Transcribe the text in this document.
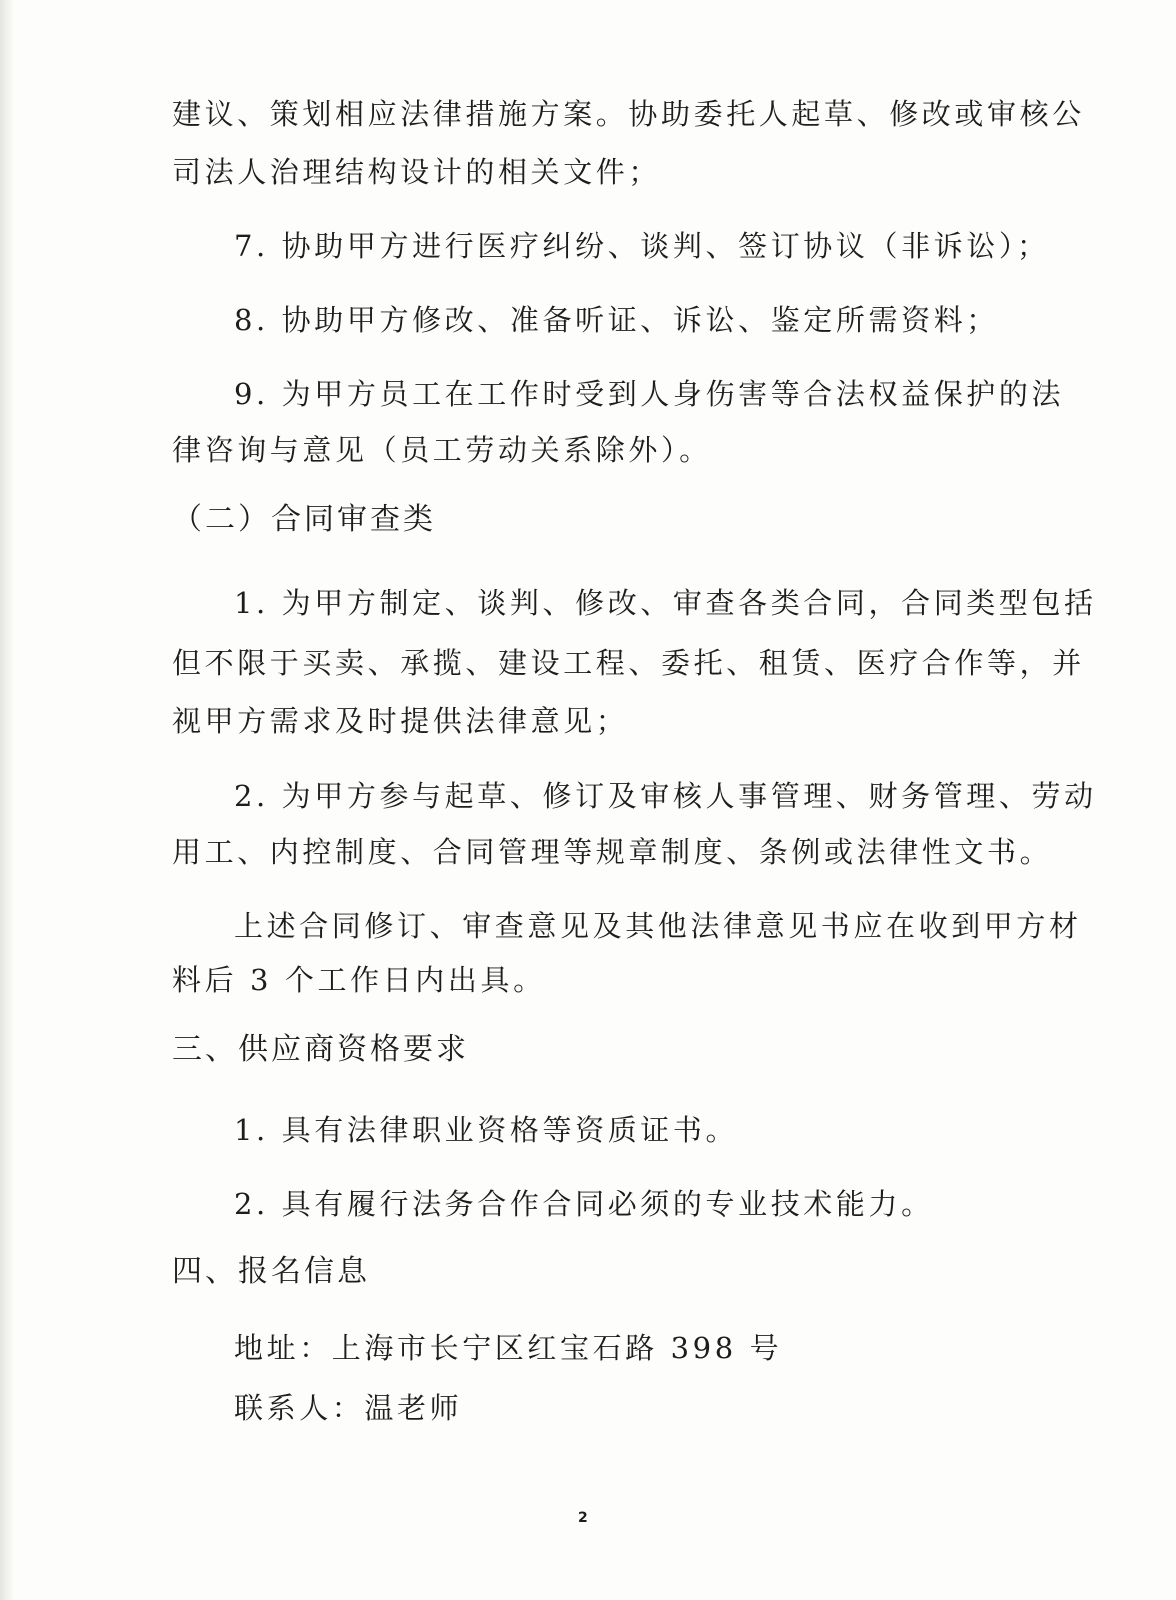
建议、策划相应法律措施方案。协助委托人起草、修改或审核公
司法人治理结构设计的相关文件；
7. 协助甲方进行医疗纠纷、谈判、签订协议（非诉讼）；
8. 协助甲方修改、准备听证、诉讼、鉴定所需资料；
9. 为甲方员工在工作时受到人身伤害等合法权益保护的法
律咨询与意见（员工劳动关系除外）。
（二）合同审查类
1. 为甲方制定、谈判、修改、审查各类合同，合同类型包括
但不限于买卖、承揽、建设工程、委托、租赁、医疗合作等，并
视甲方需求及时提供法律意见；
2. 为甲方参与起草、修订及审核人事管理、财务管理、劳动
用工、内控制度、合同管理等规章制度、条例或法律性文书。
上述合同修订、审查意见及其他法律意见书应在收到甲方材
料后 3 个工作日内出具。
三、供应商资格要求
1. 具有法律职业资格等资质证书。
2. 具有履行法务合作合同必须的专业技术能力。
四、报名信息
地址：上海市长宁区红宝石路 398 号
联系人：温老师
2
